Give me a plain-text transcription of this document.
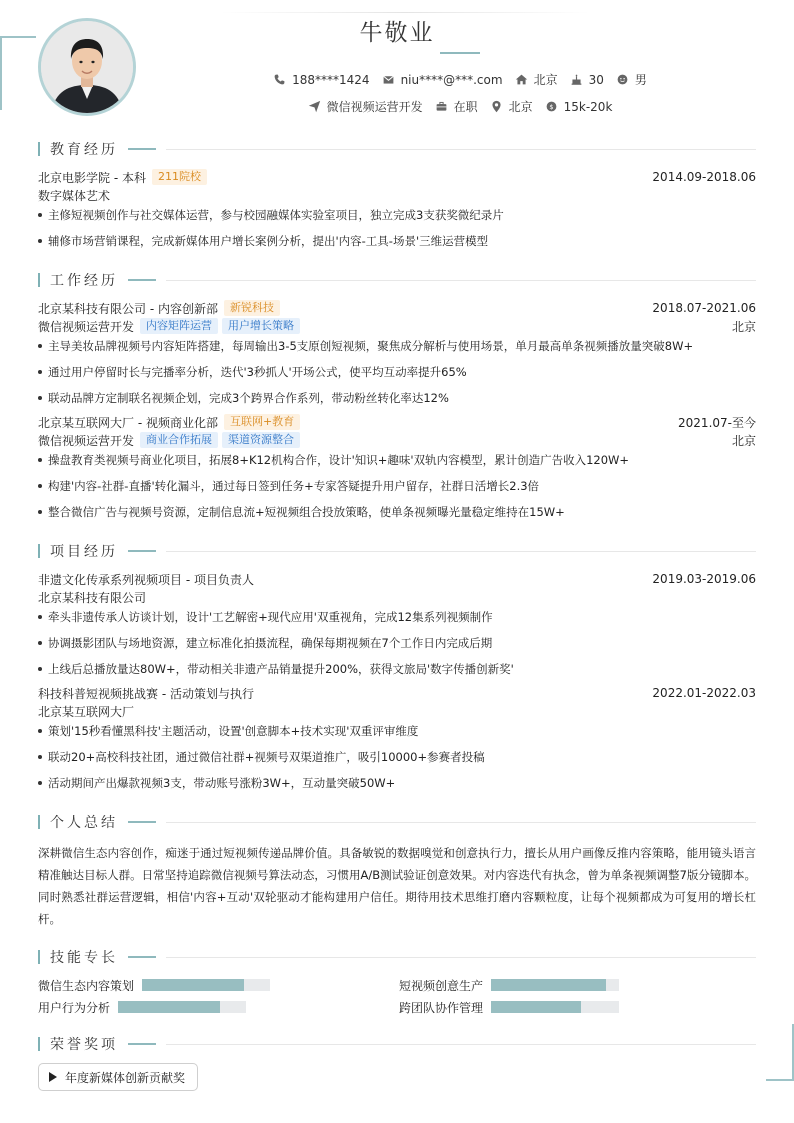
牛敬业
188****1424	niu****@***.com	北京	30	男
微信视频运营开发	在职	北京 $ 15k-20k
教育经历
北京电影学院 - 本科	211院校	2014.09-2018.06
数字媒体艺术
主修短视频创作与社交媒体运营，参与校园融媒体实验室项目，独立完成3支获奖微纪录片
辅修市场营销课程，完成新媒体用户增长案例分析，提出'内容-工具-场景'三维运营模型
工作经历
北京某科技有限公司 - 内容创新部	新锐科技	2018.07-2021.06
微信视频运营开发	内容矩阵运营	用户增长策略	北京
主导美妆品牌视频号内容矩阵搭建，每周输出3-5支原创短视频，聚焦成分解析与使用场景，单月最高单条视频播放量突破8W+
通过用户停留时长与完播率分析，迭代'3秒抓人'开场公式，使平均互动率提升65%
联动品牌方定制联名视频企划，完成3个跨界合作系列，带动粉丝转化率达12%
北京某互联网大厂 - 视频商业化部	互联网+教育	2021.07-至今
微信视频运营开发	商业合作拓展	渠道资源整合	北京
操盘教育类视频号商业化项目，拓展8+K12机构合作，设计'知识+趣味'双轨内容模型，累计创造广告收入120W+
构建'内容-社群-直播'转化漏斗，通过每日签到任务+专家答疑提升用户留存，社群日活增长2.3倍
整合微信广告与视频号资源，定制信息流+短视频组合投放策略，使单条视频曝光量稳定维持在15W+
项目经历
非遗文化传承系列视频项目 - 项目负责人	2019.03-2019.06
北京某科技有限公司
牵头非遗传承人访谈计划，设计'工艺解密+现代应用'双重视角，完成12集系列视频制作
协调摄影团队与场地资源，建立标准化拍摄流程，确保每期视频在7个工作日内完成后期
上线后总播放量达80W+，带动相关非遗产品销量提升200%，获得文旅局'数字传播创新奖'
科技科普短视频挑战赛 - 活动策划与执行	2022.01-2022.03
北京某互联网大厂
策划'15秒看懂黑科技'主题活动，设置'创意脚本+技术实现'双重评审维度
联动20+高校科技社团，通过微信社群+视频号双渠道推广，吸引10000+参赛者投稿
活动期间产出爆款视频3支，带动账号涨粉3W+，互动量突破50W+
个人总结
深耕微信生态内容创作，痴迷于通过短视频传递品牌价值。具备敏锐的数据嗅觉和创意执行力，擅长从用户画像反推内容策略，能用镜头语言精准触达目标人群。日常坚持追踪微信视频号算法动态，习惯用A/B测试验证创意效果。对内容迭代有执念，曾为单条视频调整7版分镜脚本。同时熟悉社群运营逻辑，相信'内容+互动'双轮驱动才能构建用户信任。期待用技术思维打磨内容颗粒度，让每个视频都成为可复用的增长杠杆。
技能专长
微信生态内容策划	短视频创意生产
用户行为分析	跨团队协作管理
荣誉奖项
年度新媒体创新贡献奖
